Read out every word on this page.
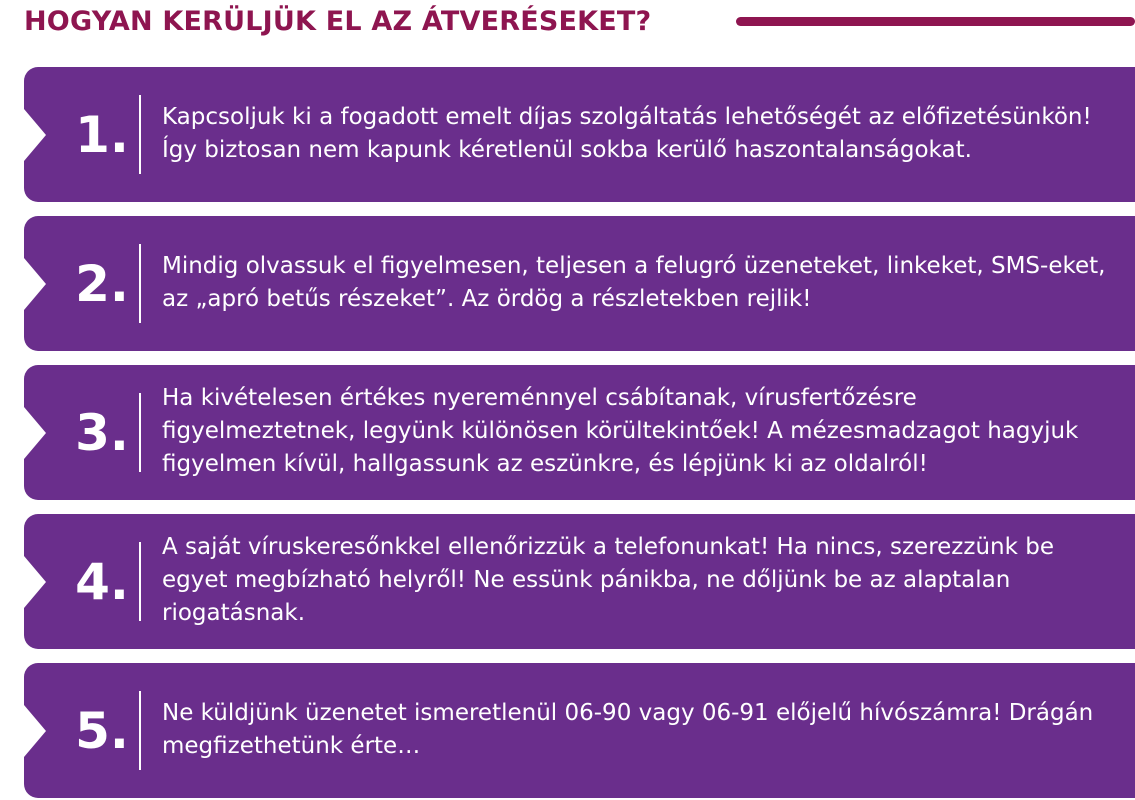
HOGYAN KERÜLJÜK EL AZ ÁTVERÉSEKET?
1.	Kapcsoljuk ki a fogadott emelt díjas szolgáltatás lehetőségét az előfizetésünkön! Így biztosan nem kapunk kéretlenül sokba kerülő haszontalanságokat.
2.	Mindig olvassuk el figyelmesen, teljesen a felugró üzeneteket, linkeket, SMS-eket, az „apró betűs részeket”. Az ördög a részletekben rejlik!
3.
Ha kivételesen értékes nyereménnyel csábítanak, vírusfertőzésre figyelmeztetnek, legyünk különösen körültekintőek! A mézesmadzagot hagyjuk figyelmen kívül, hallgassunk az eszünkre, és lépjünk ki az oldalról!
4.
A saját víruskeresőnkkel ellenőrizzük a telefonunkat! Ha nincs, szerezzünk be egyet megbízható helyről! Ne essünk pánikba, ne dőljünk be az alaptalan riogatásnak.
5.	Ne küldjünk üzenetet ismeretlenül 06-90 vagy 06-91 előjelű hívószámra! Drágán megfizethetünk érte…
